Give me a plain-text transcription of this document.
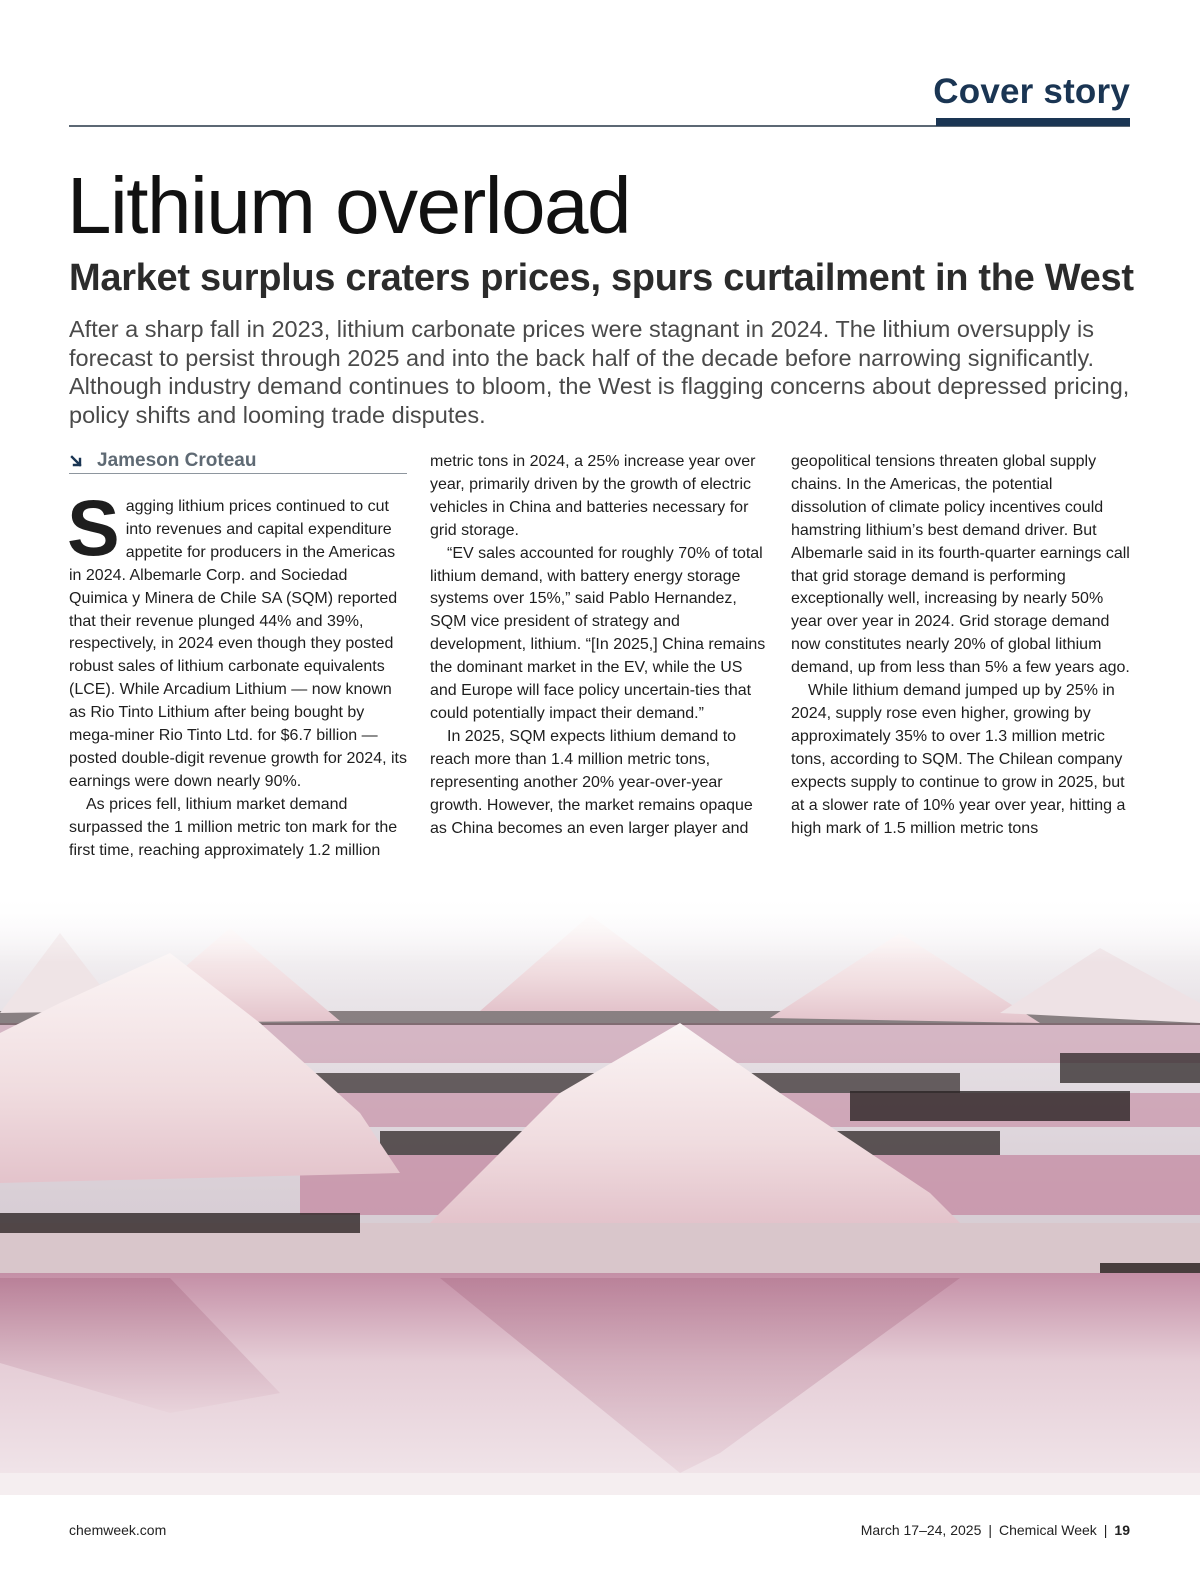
Cover story
Lithium overload
Market surplus craters prices, spurs curtailment in the West

After a sharp fall in 2023, lithium carbonate prices were stagnant in 2024. The lithium oversupply is forecast to persist through 2025 and into the back half of the decade before narrowing significantly. Although industry demand continues to bloom, the West is flagging concerns about depressed pricing, policy shifts and looming trade disputes.

Jameson Croteau

Sagging lithium prices continued to cut into revenues and capital expenditure appetite for producers in the Americas in 2024. Albemarle Corp. and Sociedad Quimica y Minera de Chile SA (SQM) reported that their revenue plunged 44% and 39%, respectively, in 2024 even though they posted robust sales of lithium carbonate equivalents (LCE). While Arcadium Lithium — now known as Rio Tinto Lithium after being bought by mega-miner Rio Tinto Ltd. for $6.7 billion — posted double-digit revenue growth for 2024, its earnings were down nearly 90%.

As prices fell, lithium market demand surpassed the 1 million metric ton mark for the first time, reaching approximately 1.2 million

metric tons in 2024, a 25% increase year over year, primarily driven by the growth of electric vehicles in China and batteries necessary for grid storage.

“EV sales accounted for roughly 70% of total lithium demand, with battery energy storage systems over 15%,” said Pablo Hernandez, SQM vice president of strategy and development, lithium. “[In 2025,] China remains the dominant market in the EV, while the US and Europe will face policy uncertain-ties that could potentially impact their demand.”

In 2025, SQM expects lithium demand to reach more than 1.4 million metric tons, representing another 20% year-over-year growth. However, the market remains opaque as China becomes an even larger player and

geopolitical tensions threaten global supply chains. In the Americas, the potential dissolution of climate policy incentives could hamstring lithium’s best demand driver. But Albemarle said in its fourth-quarter earnings call that grid storage demand is performing exceptionally well, increasing by nearly 50% year over year in 2024. Grid storage demand now constitutes nearly 20% of global lithium demand, up from less than 5% a few years ago.

While lithium demand jumped up by 25% in 2024, supply rose even higher, growing by approximately 35% to over 1.3 million metric tons, according to SQM. The Chilean company expects supply to continue to grow in 2025, but at a slower rate of 10% year over year, hitting a high mark of 1.5 million metric tons

chemweek.com	March 17–24, 2025 | Chemical Week | 19
